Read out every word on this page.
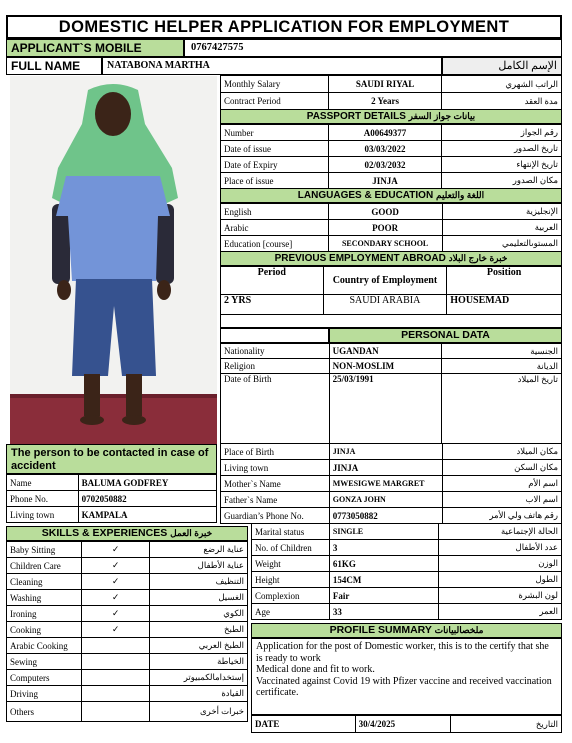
DOMESTIC HELPER APPLICATION FOR EMPLOYMENT
APPLICANT`S MOBILE	0767427575
FULL NAME	NATABONA MARTHA	الإسم الكامل
Monthly Salary	SAUDI RIYAL	الراتب الشهري
Contract Period	2 Years	مدة العقد
PASSPORT DETAILS بيانات جواز السفر
Number	A00649377	رقم الجواز
Date of issue	03/03/2022	تاريخ الصدور
Date of Expiry	02/03/2032	تاريخ الإنتهاء
Place of issue	JINJA	مكان الصدور
LANGUAGES & EDUCATION اللغة والتعليم
English	GOOD	الإنجليزية
Arabic	POOR	العربية
Education [course]	SECONDARY SCHOOL	المستوىالتعليمي
PREVIOUS EMPLOYMENT ABROAD خبرة خارج البلاد
Period	Country of Employment	Position
2 YRS	SAUDI ARABIA	HOUSEMAD
PERSONAL DATA
Nationality	UGANDAN	الجنسية
Religion	NON-MOSLIM	الديانة
Date of Birth	25/03/1991	تاريخ الميلاد
The person to be contacted in case of accident
Name	BALUMA GODFREY
Phone No.	0702050882
Living town	KAMPALA
Place of Birth	JINJA	مكان الميلاد
Living town	JINJA	مكان السكن
Mother`s Name	MWESIGWE MARGRET	اسم الأم
Father`s Name	GONZA JOHN	اسم الاب
Guardian’s Phone No.	0773050882	رقم هاتف ولي الأمر
SKILLS & EXPERIENCES خبرة العمل
Baby Sitting	✓	عناية الرضع
Children Care	✓	عناية الأطفال
Cleaning	✓	التنظيف
Washing	✓	الغسيل
Ironing	✓	الكوي
Cooking	✓	الطبخ
Arabic Cooking		الطبخ العربي
Sewing		الخياطة
Computers		إستخدامالكمبيوتر
Driving		القيادة
Others		خبرات أخرى
Marital status	SINGLE	الحالة الإجتماعية
No. of Children	3	عدد الأطفال
Weight	61KG	الوزن
Height	154CM	الطول
Complexion	Fair	لون البشرة
Age	33	العمر
PROFILE SUMMARY ملخصالبيانات
Application for the post of Domestic worker, this is to the certify that she is ready to work
Medical done and fit to work.
Vaccinated against Covid 19 with Pfizer vaccine and received vaccination certificate.
DATE	30/4/2025	التاريخ
